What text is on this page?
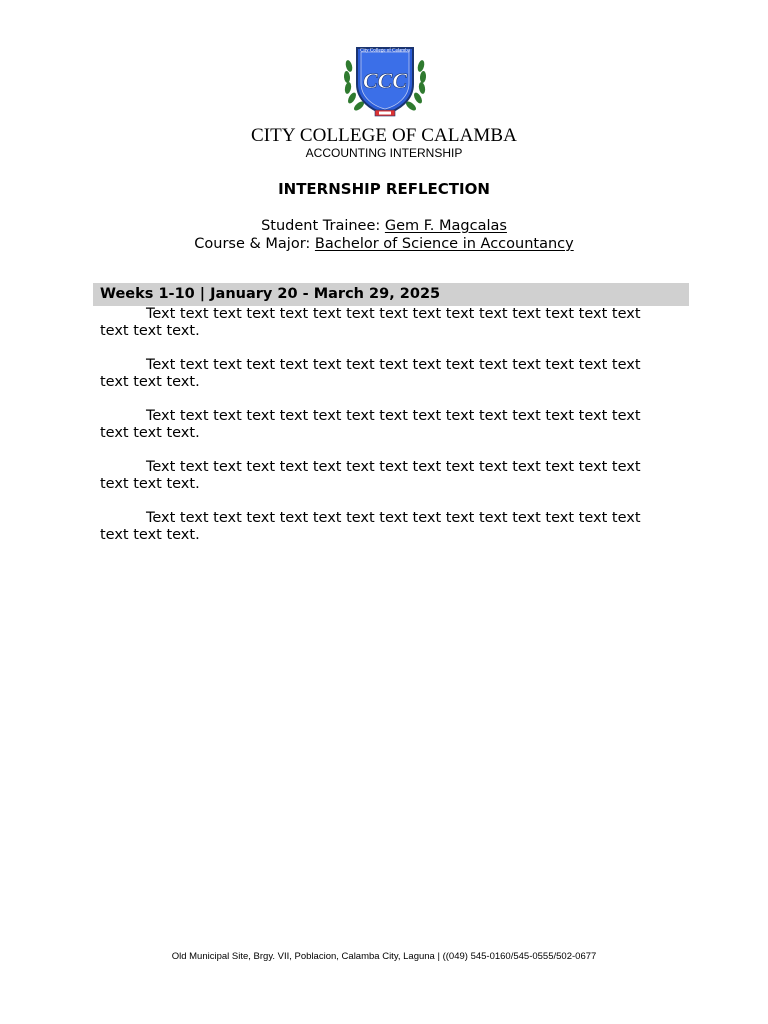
City College of Calamba
CCC
CITY COLLEGE OF CALAMBA
ACCOUNTING INTERNSHIP
INTERNSHIP REFLECTION
Student Trainee: Gem F. Magcalas
Course & Major: Bachelor of Science in Accountancy
Weeks 1-10 | January 20 - March 29, 2025

Text text text text text text text text text text text text text text text
text text text.

Text text text text text text text text text text text text text text text
text text text.

Text text text text text text text text text text text text text text text
text text text.

Text text text text text text text text text text text text text text text
text text text.

Text text text text text text text text text text text text text text text
text text text.

Old Municipal Site, Brgy. VII, Poblacion, Calamba City, Laguna | ((049) 545-0160/545-0555/502-0677
